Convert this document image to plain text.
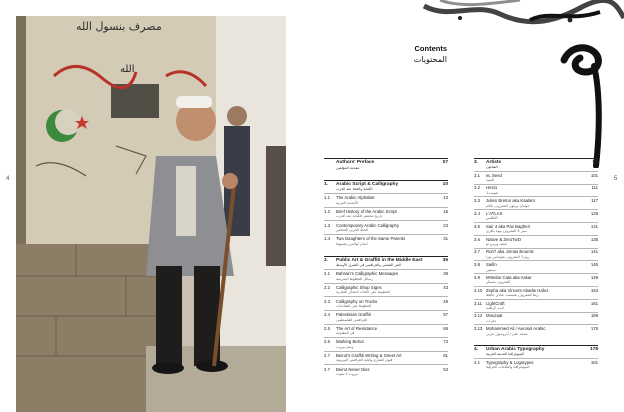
4
مصرف بنسول الله
الله
5
Contents
المحتويات
Authors' Preface	07
مقدمة المؤلفين
1.	Arabic Script & Calligraphy	10
الكتابة والخط عند العرب
1.1	The Arabic Alphabet	13
الأبجدية العربية
1.2	Brief History of the Arabic Script	15
تاريخ مختصر للكتابة عند العرب
1.3	Contemporary Arabic Calligraphy	23
الخط العربي المعاصر
1.4	Two Daughters of the Same Parents	31
ابنتان لوالدين نفسهما
2.	Public Art & Graffiti in the Middle East	36
الفن الشعبي والغرافيتي في الشرق الأوسط
2.1	Bahrain's Calligraphic Messages	39
رسائل الخطوط البحرينية
2.2	Calligraphic Shop Signs	43
الخطوط على لافتات المحال التجارية
2.3	Calligraphy on Trucks	49
الخطوط على الشاحنات
2.4	Palestinian Graffiti	57
الغرافيتي الفلسطيني
2.5	The Art of Resistance	65
فن المقاومة
2.6	Marking Beirut	73
وسم بيروت
2.7	Beirut's Graffiti Writing & Street Art	81
فنون الشارع وكتابة الغرافيتي البيروتية
2.7	Beirut Never Dies	53
بيروت لا تموت
3.	Artists	98
الفنانون
3.1	eL Seed	101
السيد
3.2	Hest1	111
هيست1
3.3	Julien Breton aka Kaalam	117
جوليان بريتون المعروف بكلام
3.4	L'ATLAS	125
الأطلس
3.5	Sair 4 aka Pax Bagheri	131
سير 4 المعروف بپويا باقري
3.6	Native & ZeroTwO	135
نايتف وزيرو تو
3.7	Ron7 aka Jomas Bourrat	141
رون7 المعروف بجوماس بورا
3.8	Saifin	145
سيفين
3.9	Mnteilar Cata aka Askar	149
المعروف بعسكر
3.10 Zepha aka Vincent Abadie Hafez	153
زيفا المعروف بفنسنت عبادي حافظ
3.11 LightCraft	161
لايت كرافت
3.12 Mouzaat	169
معزات
3.13 Mohammed Ali / Aerosol Arabic	175
محمد علي / أيروسول عربي
4.	Urban Arabic Typography	178
التيبوغرافيا المدنية العربية
4.1	Typography & Logotypes	181
التيبوغرافيا والعلامات الحرفية
